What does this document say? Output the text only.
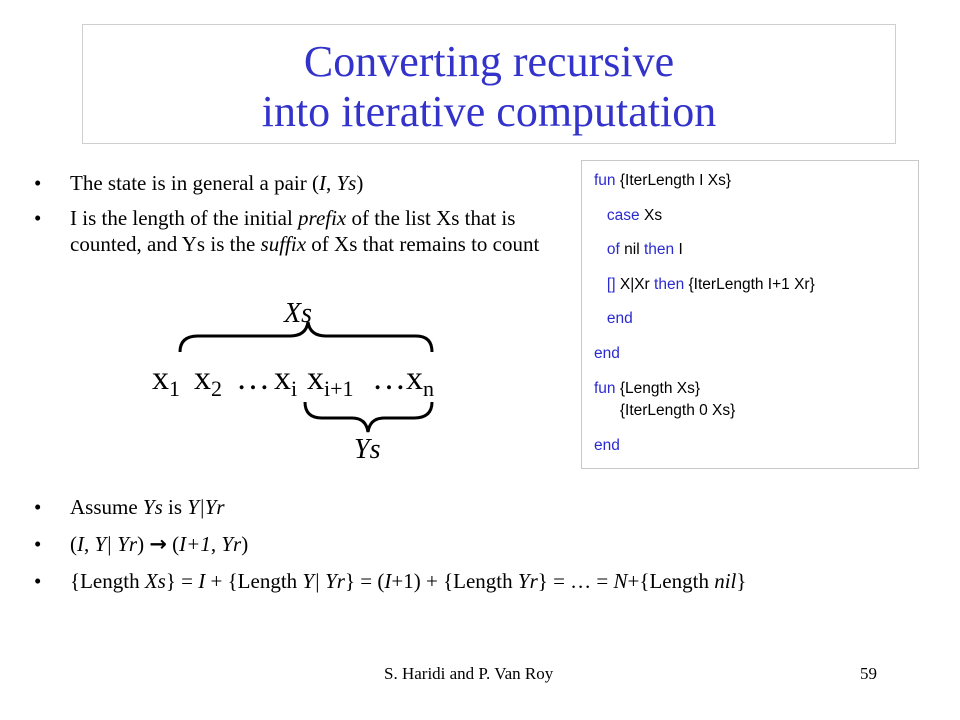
Converting recursive
into iterative computation
• The state is in general a pair (I, Ys)
• I is the length of the initial prefix of the list Xs that is counted, and Ys is the suffix of Xs that remains to count
fun {IterLength I Xs}
case Xs
of nil then I
[] X|Xr then {IterLength I+1 Xr}
end
end
fun {Length Xs}
{IterLength 0 Xs}
end
Xs
$x_1$ $x_2$ … $x_i$ $x_{i+1}$ … $x_n$
Ys
• Assume Ys is Y|Yr
• (I, Y| Yr) → (I+1, Yr)
• {Length Xs} = I + {Length Y| Yr} = (I+1) + {Length Yr} = … = N+{Length nil}
S. Haridi and P. Van Roy	59
